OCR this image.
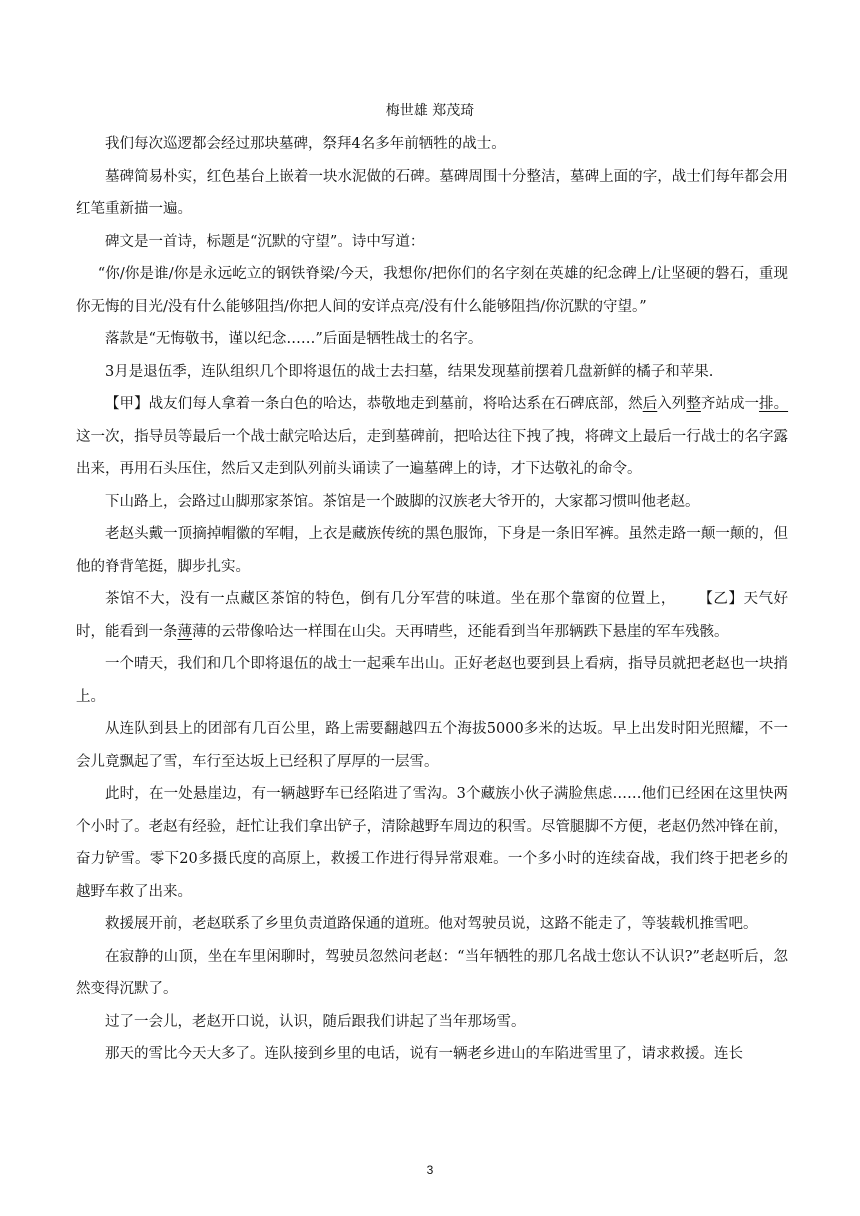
梅世雄 郑茂琦

我们每次巡逻都会经过那块墓碑，祭拜4名多年前牺牲的战士。

墓碑简易朴实，红色基台上嵌着一块水泥做的石碑。墓碑周围十分整洁，墓碑上面的字，战士们每年都会用红笔重新描一遍。

碑文是一首诗，标题是“沉默的守望”。诗中写道：

“你/你是谁/你是永远屹立的钢铁脊梁/今天，我想你/把你们的名字刻在英雄的纪念碑上/让坚硬的磐石，重现你无悔的目光/没有什么能够阻挡/你把人间的安详点亮/没有什么能够阻挡/你沉默的守望。”

落款是“无悔敬书，谨以纪念……”后面是牺牲战士的名字。

3月是退伍季，连队组织几个即将退伍的战士去扫墓，结果发现墓前摆着几盘新鲜的橘子和苹果.

【甲】战友们每人拿着一条白色的哈达，恭敬地走到墓前，将哈达系在石碑底部，然后入列整齐站成一排。这一次，指导员等最后一个战士献完哈达后，走到墓碑前，把哈达往下拽了拽，将碑文上最后一行战士的名字露出来，再用石头压住，然后又走到队列前头诵读了一遍墓碑上的诗，才下达敬礼的命令。

下山路上，会路过山脚那家茶馆。茶馆是一个跛脚的汉族老大爷开的，大家都习惯叫他老赵。

老赵头戴一顶摘掉帽徽的军帽，上衣是藏族传统的黑色服饰，下身是一条旧军裤。虽然走路一颠一颠的，但他的脊背笔挺，脚步扎实。

茶馆不大，没有一点藏区茶馆的特色，倒有几分军营的味道。坐在那个靠窗的位置上， 【乙】天气好时，能看到一条薄薄的云带像哈达一样围在山尖。天再晴些，还能看到当年那辆跌下悬崖的军车残骸。

一个晴天，我们和几个即将退伍的战士一起乘车出山。正好老赵也要到县上看病，指导员就把老赵也一块捎上。

从连队到县上的团部有几百公里，路上需要翻越四五个海拔5000多米的达坂。早上出发时阳光照耀，不一会儿竟飘起了雪，车行至达坂上已经积了厚厚的一层雪。

此时，在一处悬崖边，有一辆越野车已经陷进了雪沟。3个藏族小伙子满脸焦虑……他们已经困在这里快两个小时了。老赵有经验，赶忙让我们拿出铲子，清除越野车周边的积雪。尽管腿脚不方便，老赵仍然冲锋在前，奋力铲雪。零下20多摄氏度的高原上，救援工作进行得异常艰难。一个多小时的连续奋战，我们终于把老乡的越野车救了出来。

救援展开前，老赵联系了乡里负责道路保通的道班。他对驾驶员说，这路不能走了，等装载机推雪吧。

在寂静的山顶，坐在车里闲聊时，驾驶员忽然问老赵：“当年牺牲的那几名战士您认不认识?”老赵听后，忽然变得沉默了。

过了一会儿，老赵开口说，认识，随后跟我们讲起了当年那场雪。

那天的雪比今天大多了。连队接到乡里的电话，说有一辆老乡进山的车陷进雪里了，请求救援。连长

3
